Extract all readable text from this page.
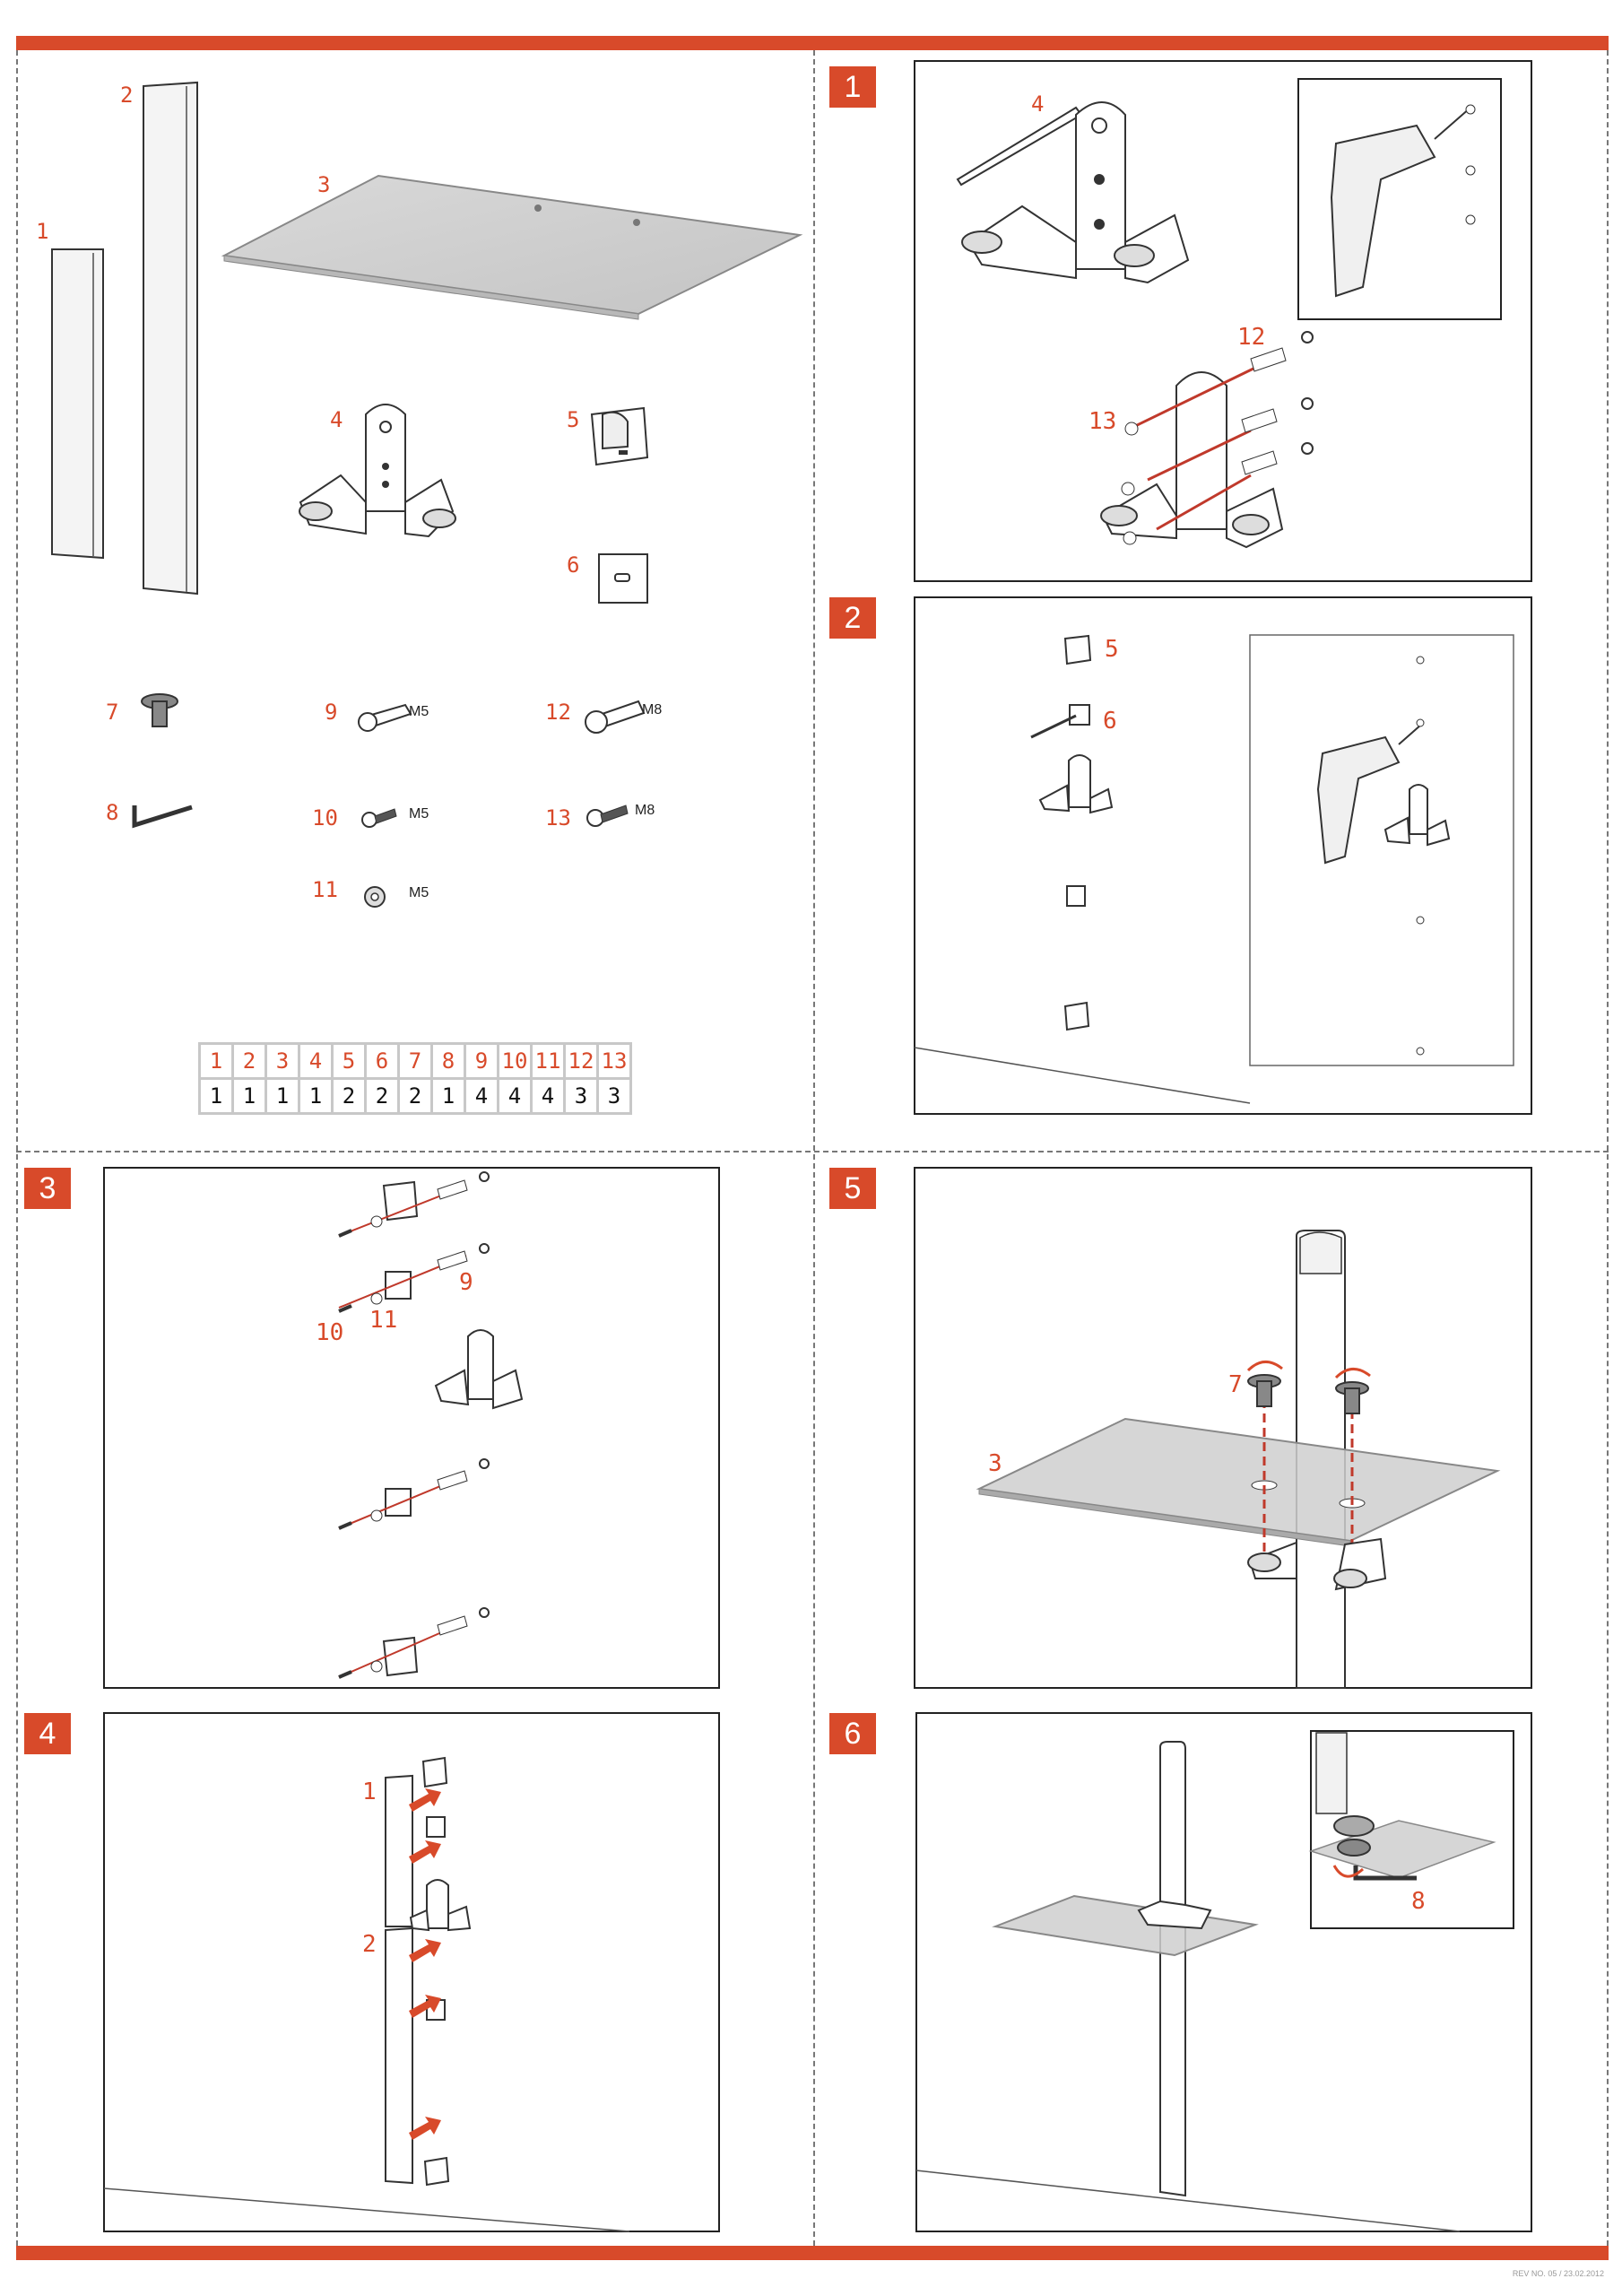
1
2
3
4
5
6
1
2
3
4	5
6
7
8
9	M5	12	M8
10	M5	13	M8
11	M5
4
12
13
5
6
9
11
10
1
2
7
3
8
1	2	3	4	5	6	7	8	9	10	11	12	13
1	1	1	1	2	2	2	1	4	4	4	3	3
REV NO. 05 / 23.02.2012
